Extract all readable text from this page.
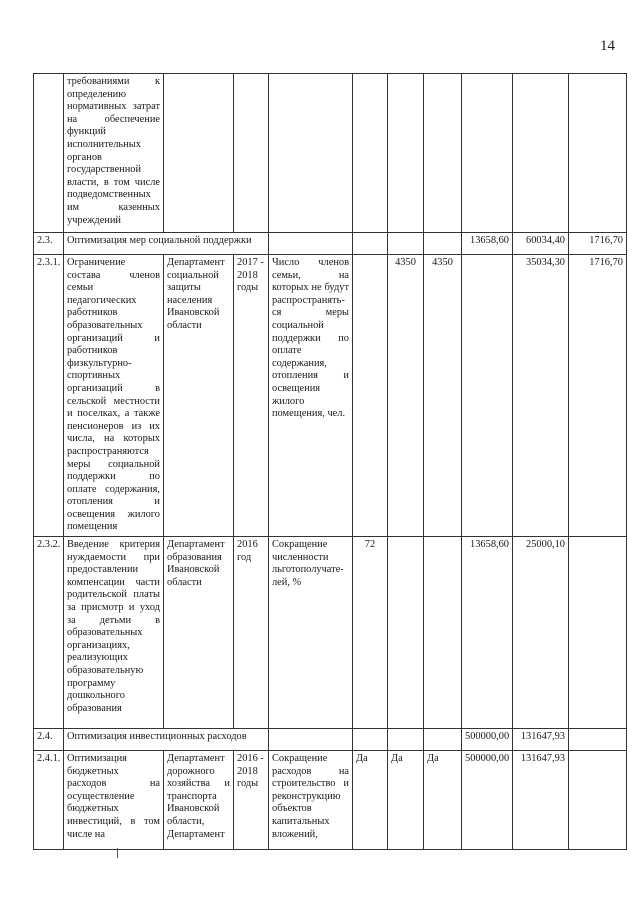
14
	требованиями к определению нормативных затрат на обеспечение функций исполнительных органов государственной власти, в том числе подведомственных им казенных учреждений									
2.3.	Оптимизация мер социальной поддержки							13658,60	60034,40	1716,70
2.3.1.	Ограничение состава членов семьи педагогических работников образовательных организаций и работников физкультурно-спортивных организаций в сельской местности и поселках, а также пенсионеров из их числа, на которых распространяются меры социальной поддержки по оплате содержания, отопления и освещения жилого помещения	Департамент социальной защиты населения Ивановской области	2017 - 2018 годы	Число членов семьи, на которых не будут распространять-ся меры социальной поддержки по оплате содержания, отопления и освещения жилого помещения, чел.		4350	4350		35034,30	1716,70
2.3.2.	Введение критерия нуждаемости при предоставлении компенсации части родительской платы за присмотр и уход за детьми в образовательных организациях, реализующих образовательную программу дошкольного образования	Департамент образования Ивановской области	2016 год	Сокращение численности льготополучате-лей, %	72			13658,60	25000,10	
2.4.	Оптимизация инвестиционных расходов							500000,00	131647,93	
2.4.1.	Оптимизация бюджетных расходов на осуществление бюджетных инвестиций, в том числе на	Департамент дорожного хозяйства и транспорта Ивановской области, Департамент	2016 - 2018 годы	Сокращение расходов на строительство и реконструкцию объектов капитальных вложений,	Да	Да	Да	500000,00	131647,93	
